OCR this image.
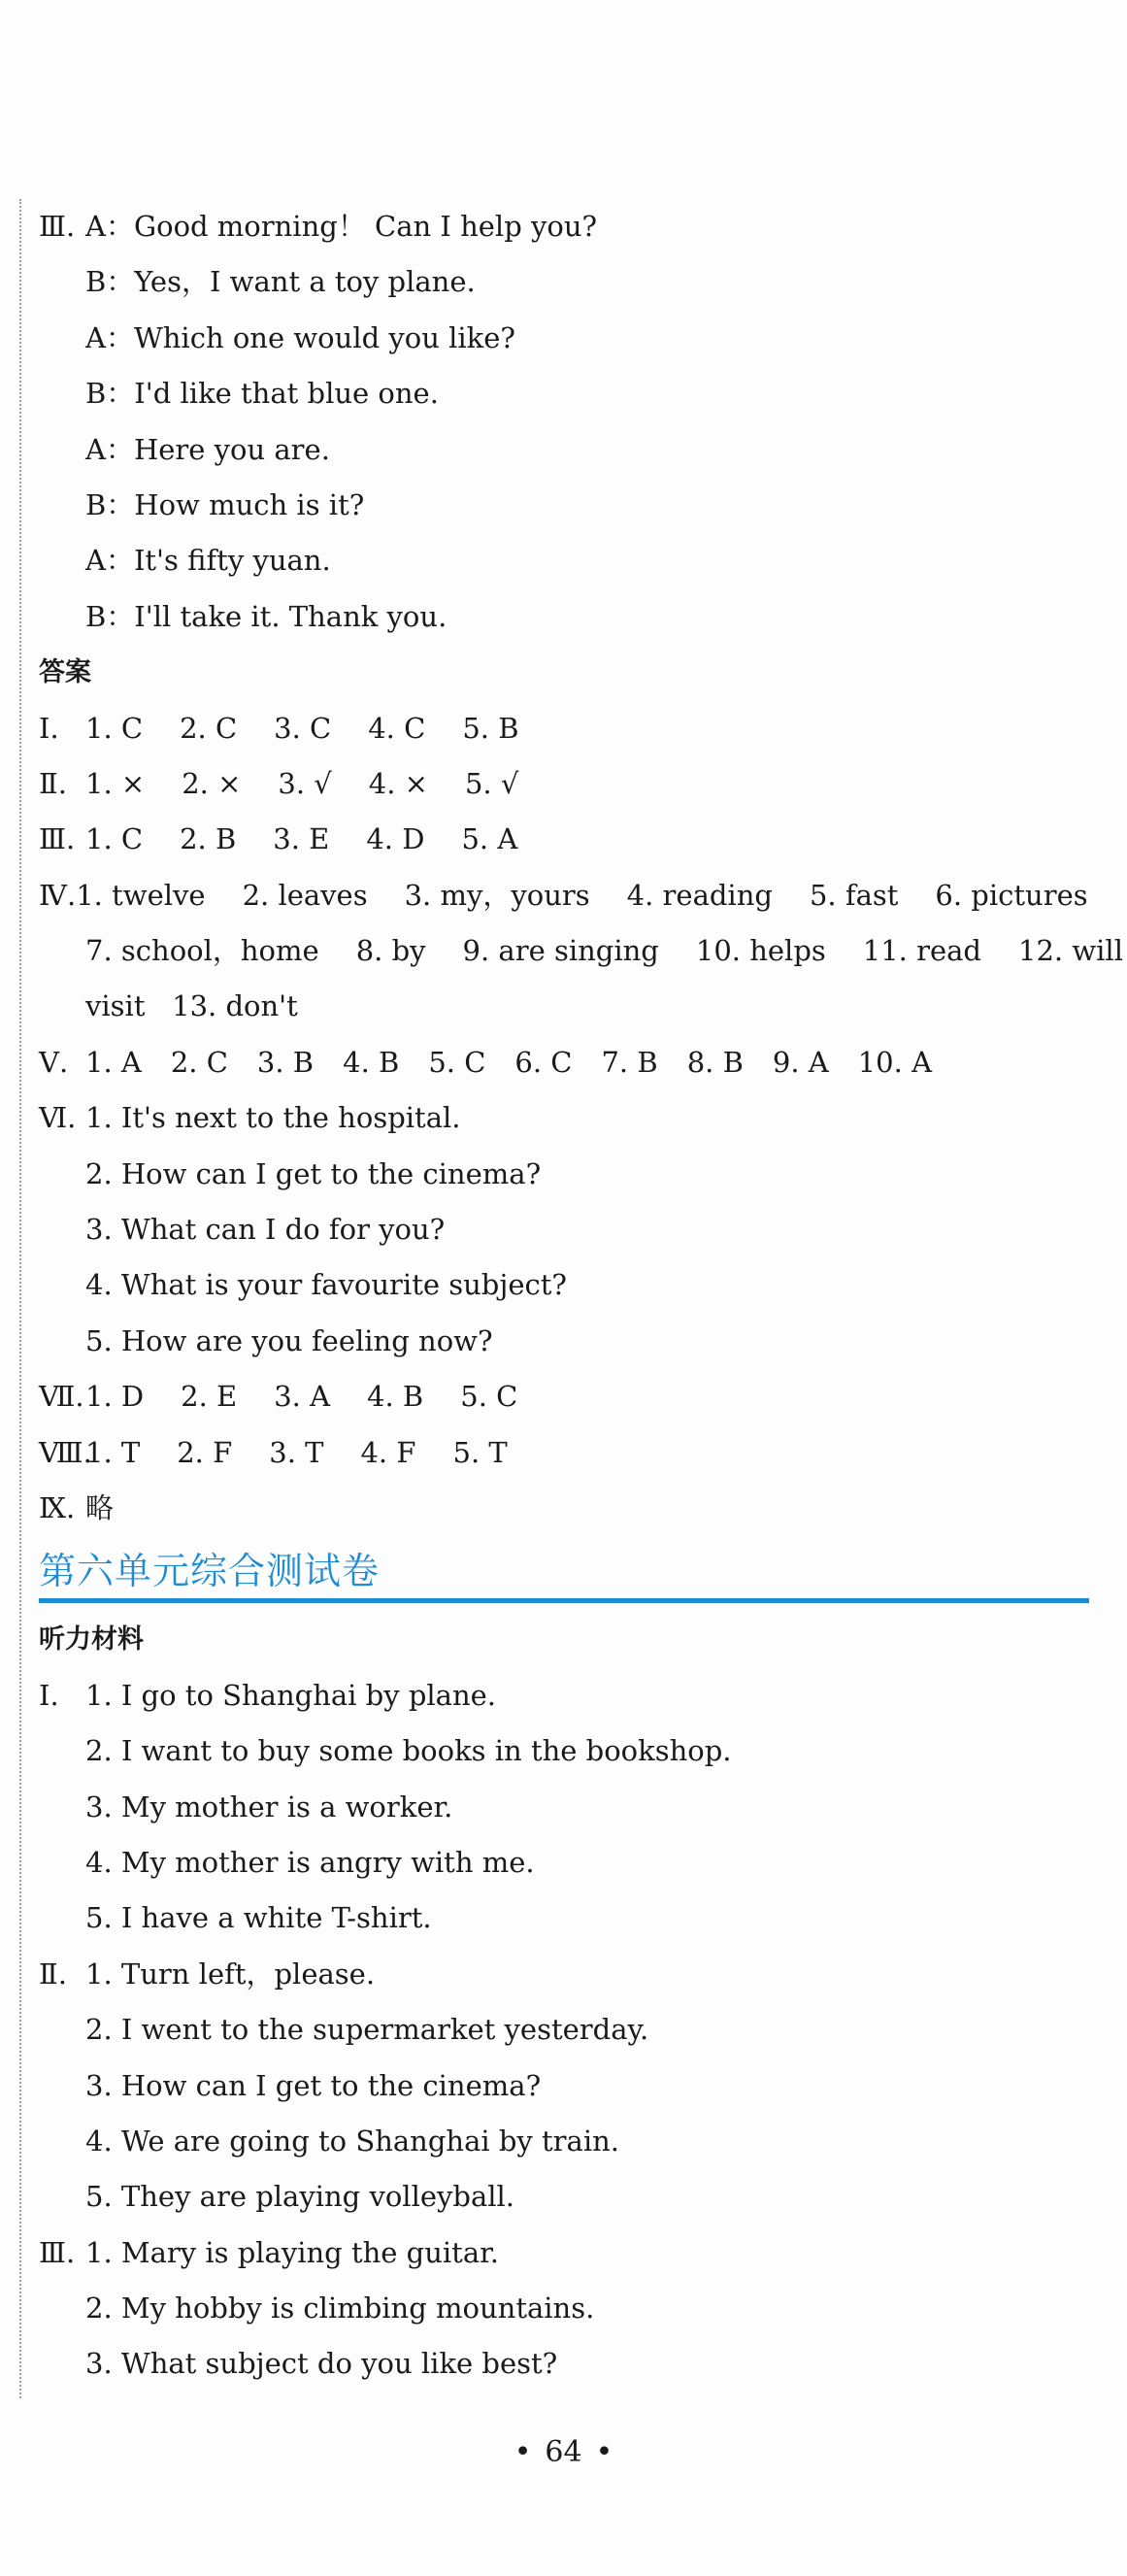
Ⅲ. A：Good morning！ Can I help you?
B：Yes，I want a toy plane.
A：Which one would you like?
B：I'd like that blue one.
A：Here you are.
B：How much is it?
A：It's fifty yuan.
B：I'll take it. Thank you.
答案
Ⅰ. 1. C 2. C 3. C 4. C 5. B
Ⅱ. 1. × 2. × 3. √ 4. × 5. √
Ⅲ. 1. C 2. B 3. E 4. D 5. A
Ⅳ. 1. twelve 2. leaves 3. my，yours 4. reading 5. fast 6. pictures
7. school，home 8. by 9. are singing 10. helps 11. read 12. will
visit   13. don't
Ⅴ. 1. A 2. C 3. B 4. B 5. C 6. C 7. B 8. B 9. A 10. A
Ⅵ. 1. It's next to the hospital.
2. How can I get to the cinema?
3. What can I do for you?
4. What is your favourite subject?
5. How are you feeling now?
Ⅶ. 1. D 2. E 3. A 4. B 5. C
Ⅷ.
1. T 2. F 3. T 4. F 5. T
Ⅸ. 略
第六单元综合测试卷
听力材料
Ⅰ. 1. I go to Shanghai by plane.
2. I want to buy some books in the bookshop.
3. My mother is a worker.
4. My mother is angry with me.
5. I have a white T-shirt.
Ⅱ. 1. Turn left，please.
2. I went to the supermarket yesterday.
3. How can I get to the cinema?
4. We are going to Shanghai by train.
5. They are playing volleyball.
Ⅲ. 1. Mary is playing the guitar.
2. My hobby is climbing mountains.
3. What subject do you like best?
• 64 •
